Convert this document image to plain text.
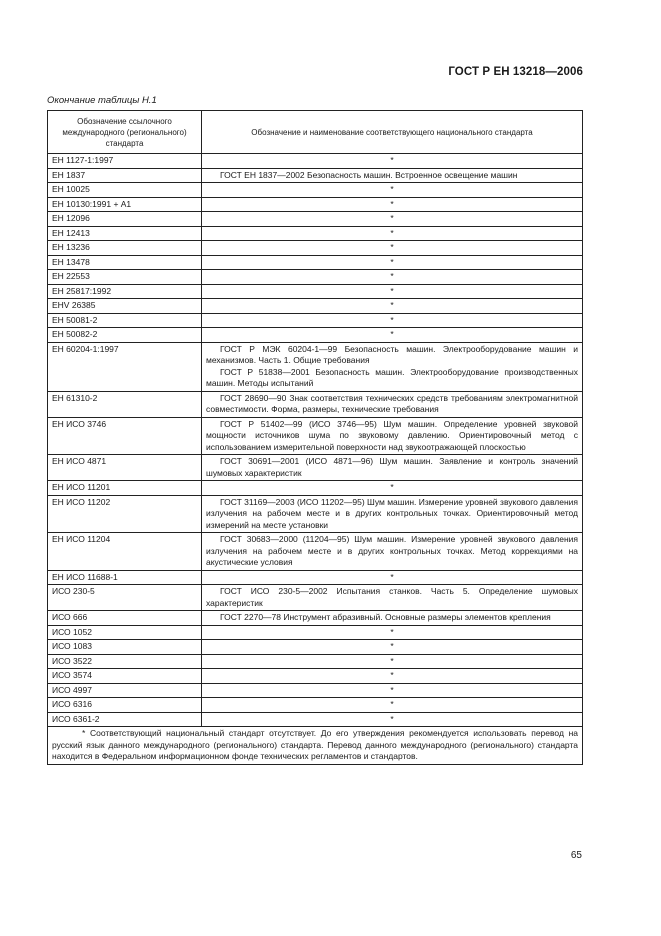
ГОСТ Р ЕН 13218—2006
Окончание таблицы Н.1
Обозначение ссылочного международного (регионального) стандарта	Обозначение и наименование соответствующего национального стандарта
ЕН 1127-1:1997	*
ЕН 1837	ГОСТ ЕН 1837—2002 Безопасность машин. Встроенное освещение машин

ЕН 10025	*
ЕН 10130:1991 + A1	*
ЕН 12096	*
ЕН 12413	*
ЕН 13236	*
ЕН 13478	*
ЕН 22553	*
ЕН 25817:1992	*
ЕНV 26385	*
ЕН 50081-2	*
ЕН 50082-2	*
ЕН 60204-1:1997	ГОСТ Р МЭК 60204-1—99 Безопасность машин. Электрооборудование машин и механизмов. Часть 1. Общие требования
ГОСТ Р 51838—2001 Безопасность машин. Электрооборудование производственных машин. Методы испытаний

ЕН 61310-2	ГОСТ 28690—90 Знак соответствия технических средств требованиям электромагнитной совместимости. Форма, размеры, технические требования

ЕН ИСО 3746	ГОСТ Р 51402—99 (ИСО 3746—95) Шум машин. Определение уровней звуковой мощности источников шума по звуковому давлению. Ориентировочный метод с использованием измерительной поверхности над звукоотражающей плоскостью

ЕН ИСО 4871	ГОСТ 30691—2001 (ИСО 4871—96) Шум машин. Заявление и контроль значений шумовых характеристик

ЕН ИСО 11201	*
ЕН ИСО 11202	ГОСТ 31169—2003 (ИСО 11202—95) Шум машин. Измерение уровней звукового давления излучения на рабочем месте и в других контрольных точках. Ориентировочный метод измерений на месте установки

ЕН ИСО 11204	ГОСТ 30683—2000 (11204—95) Шум машин. Измерение уровней звукового давления излучения на рабочем месте и в других контрольных точках. Метод коррекциями на акустические условия

ЕН ИСО 11688-1	*
ИСО 230-5	ГОСТ ИСО 230-5—2002 Испытания станков. Часть 5. Определение шумовых характеристик

ИСО 666	ГОСТ 2270—78 Инструмент абразивный. Основные размеры элементов крепления

ИСО 1052	*
ИСО 1083	*
ИСО 3522	*
ИСО 3574	*
ИСО 4997	*
ИСО 6316	*
ИСО 6361-2	*

* Соответствующий национальный стандарт отсутствует. До его утверждения рекомендуется использовать перевод на русский язык данного международного (регионального) стандарта. Перевод данного международного (регионального) стандарта находится в Федеральном информационном фонде технических регламентов и стандартов.	
65
